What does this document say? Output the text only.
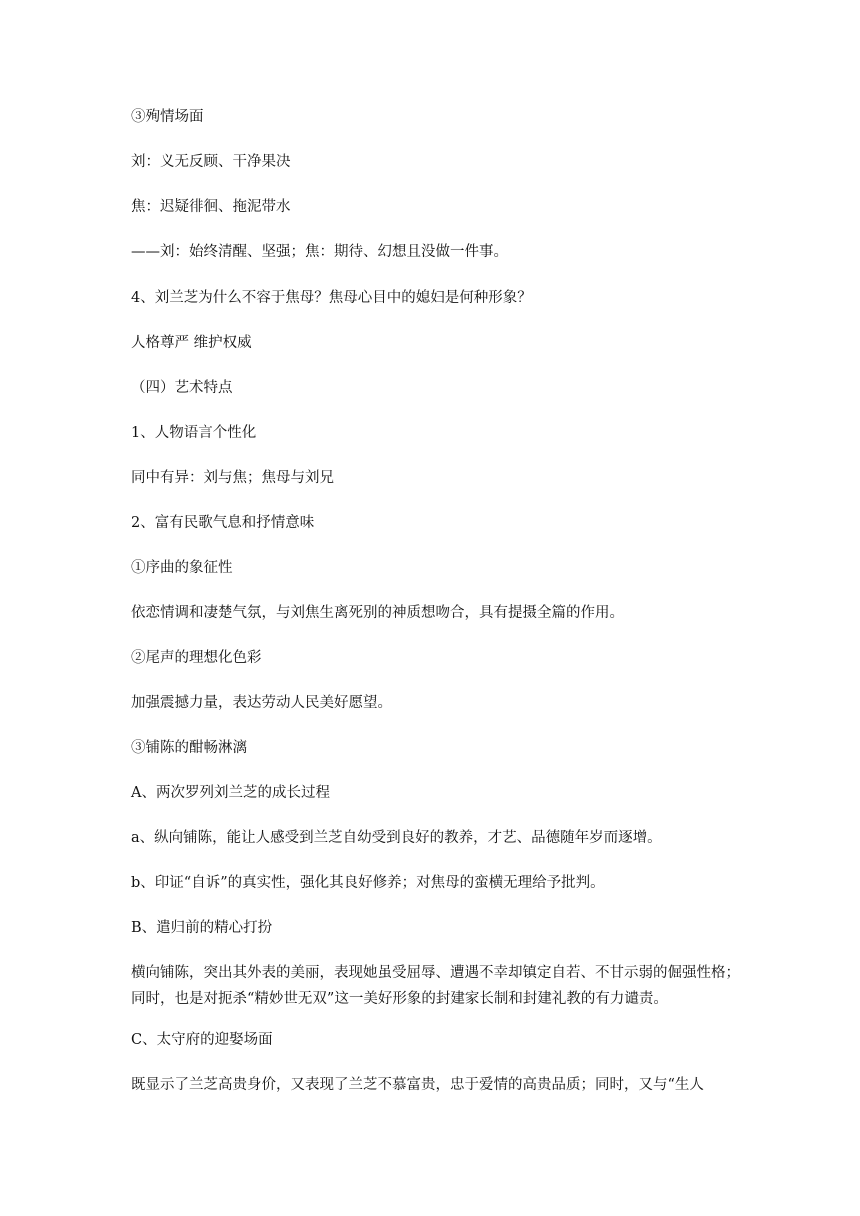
③殉情场面
刘：义无反顾、干净果决
焦：迟疑徘徊、拖泥带水
——刘：始终清醒、坚强；焦：期待、幻想且没做一件事。
4、刘兰芝为什么不容于焦母？焦母心目中的媳妇是何种形象？
人格尊严 维护权威
（四）艺术特点
1、人物语言个性化
同中有异：刘与焦；焦母与刘兄
2、富有民歌气息和抒情意味
①序曲的象征性
依恋情调和凄楚气氛，与刘焦生离死别的神质想吻合，具有提摄全篇的作用。
②尾声的理想化色彩
加强震撼力量，表达劳动人民美好愿望。
③铺陈的酣畅淋漓
A、两次罗列刘兰芝的成长过程
a、纵向铺陈，能让人感受到兰芝自幼受到良好的教养，才艺、品德随年岁而逐增。
b、印证“自诉”的真实性，强化其良好修养；对焦母的蛮横无理给予批判。
B、遣归前的精心打扮
横向铺陈，突出其外表的美丽，表现她虽受屈辱、遭遇不幸却镇定自若、不甘示弱的倔强性格；同时，也是对扼杀“精妙世无双”这一美好形象的封建家长制和封建礼教的有力谴责。
C、太守府的迎娶场面
既显示了兰芝高贵身价，又表现了兰芝不慕富贵，忠于爱情的高贵品质；同时，又与“生人
